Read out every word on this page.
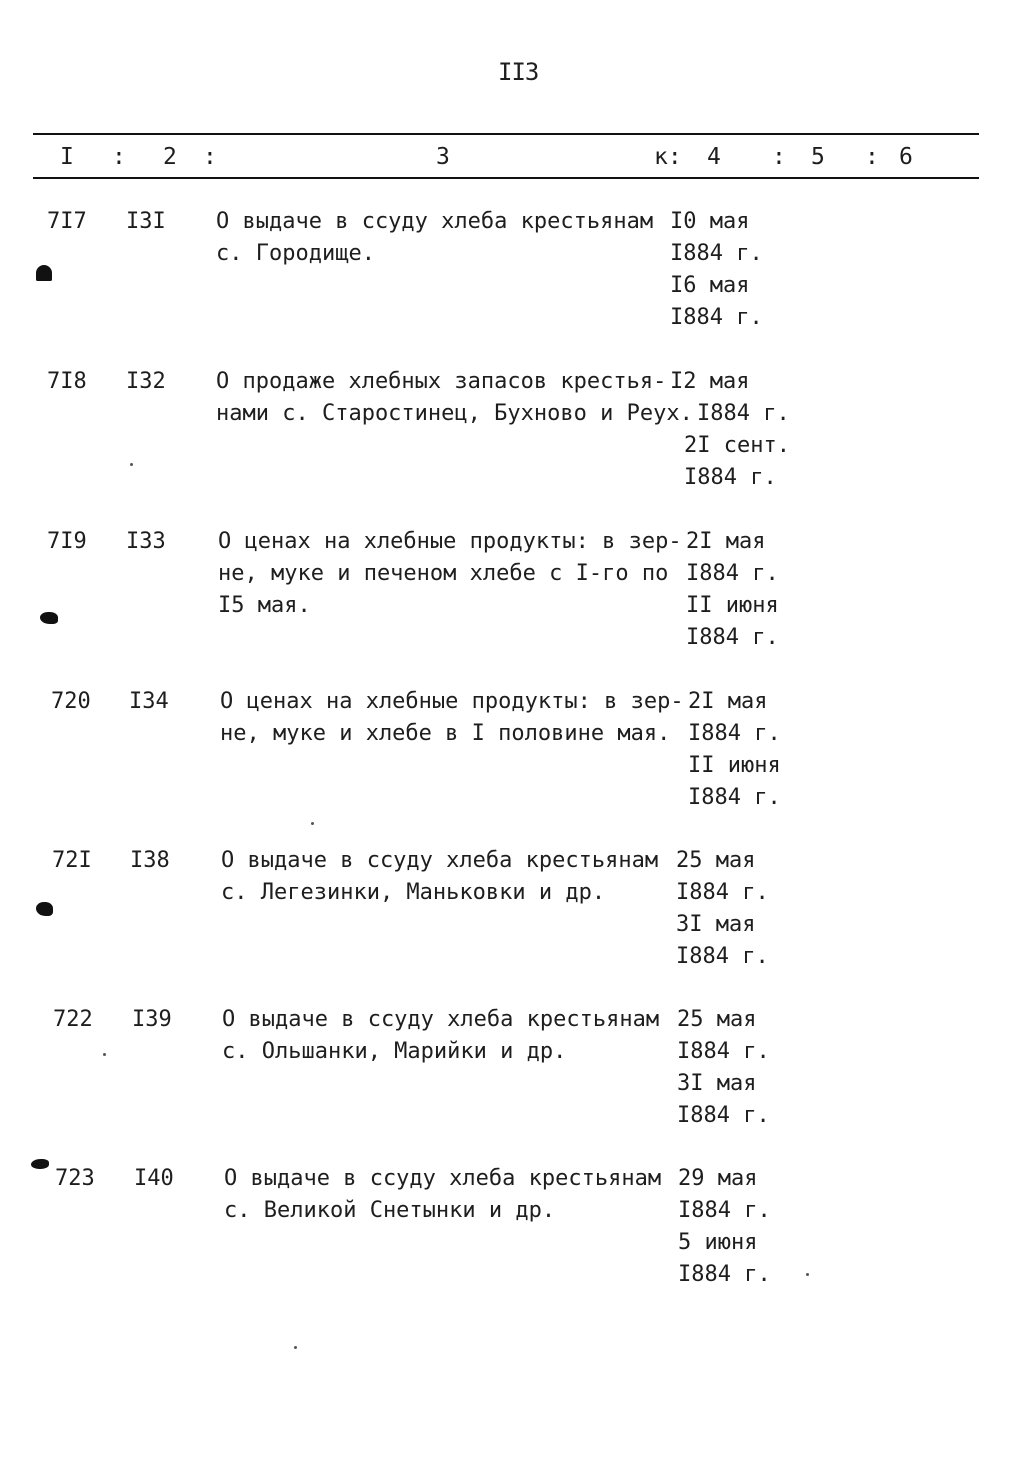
II3
I : 2 :	3	к: 4 : 5 : 6
7I7 I3I О выдаче в ссуду хлеба крестьянам
с. Городище.

I0 мая
I884 г.
I6 мая
I884 г.
7I8 I32 О продаже хлебных запасов крестья-
нами с. Старостинец, Бухново и Реух.

I2 мая
I884 г.
2I сент.
I884 г.
7I9 I33 О ценах на хлебные продукты: в зер-
не, муке и печеном хлебе с I-го по
I5 мая.

2I мая
I884 г.
II июня
I884 г.
720 I34 О ценах на хлебные продукты: в зер-
не, муке и хлебе в I половине мая.

2I мая
I884 г.
II июня
I884 г.
72I I38 О выдаче в ссуду хлеба крестьянам
с. Легезинки, Маньковки и др.

25 мая
I884 г.
3I мая
I884 г.
722 I39 О выдаче в ссуду хлеба крестьянам
с. Ольшанки, Марийки и др.

25 мая
I884 г.
3I мая
I884 г.
723 I40 О выдаче в ссуду хлеба крестьянам
с. Великой Снетынки и др.

29 мая
I884 г.
5 июня
I884 г.
